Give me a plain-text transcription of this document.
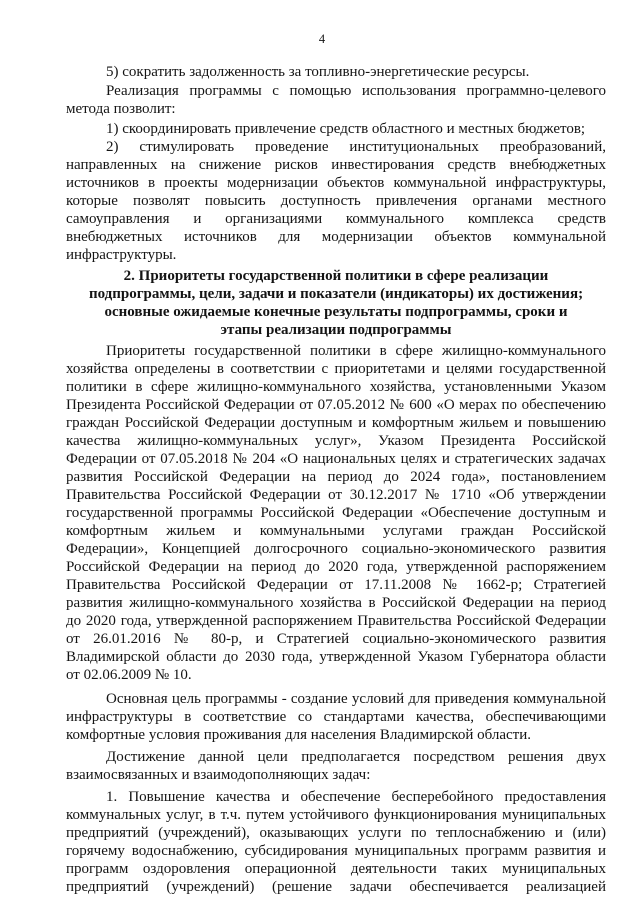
4
5) сократить задолженность за топливно-энергетические ресурсы.
Реализация программы с помощью использования программно-целевого
метода позволит:
1) скоординировать привлечение средств областного и местных бюджетов;
2) стимулировать проведение институциональных преобразований,
направленных на снижение рисков инвестирования средств внебюджетных
источников в проекты модернизации объектов коммунальной инфраструктуры,
которые позволят повысить доступность привлечения органами местного
самоуправления и организациями коммунального комплекса средств
внебюджетных источников для модернизации объектов коммунальной
инфраструктуры.
2. Приоритеты государственной политики в сфере реализации
подпрограммы, цели, задачи и показатели (индикаторы) их достижения;
основные ожидаемые конечные результаты подпрограммы, сроки и
этапы реализации подпрограммы
Приоритеты государственной политики в сфере жилищно-коммунального
хозяйства определены в соответствии с приоритетами и целями государственной
политики в сфере жилищно-коммунального хозяйства, установленными Указом
Президента Российской Федерации от 07.05.2012 № 600 «О мерах по обеспечению
граждан Российской Федерации доступным и комфортным жильем и повышению
качества жилищно-коммунальных услуг», Указом Президента Российской
Федерации от 07.05.2018 № 204 «О национальных целях и стратегических задачах
развития Российской Федерации на период до 2024 года», постановлением
Правительства Российской Федерации от 30.12.2017 № 1710 «Об утверждении
государственной программы Российской Федерации «Обеспечение доступным и
комфортным жильем и коммунальными услугами граждан Российской
Федерации», Концепцией долгосрочного социально-экономического развития
Российской Федерации на период до 2020 года, утвержденной распоряжением
Правительства Российской Федерации от 17.11.2008 № 1662-р; Стратегией
развития жилищно-коммунального хозяйства в Российской Федерации на период
до 2020 года, утвержденной распоряжением Правительства Российской Федерации
от 26.01.2016 № 80-р, и Стратегией социально-экономического развития
Владимирской области до 2030 года, утвержденной Указом Губернатора области
от 02.06.2009 № 10.
Основная цель программы - создание условий для приведения коммунальной
инфраструктуры в соответствие со стандартами качества, обеспечивающими
комфортные условия проживания для населения Владимирской области.
Достижение данной цели предполагается посредством решения двух
взаимосвязанных и взаимодополняющих задач:
1. Повышение качества и обеспечение бесперебойного предоставления
коммунальных услуг, в т.ч. путем устойчивого функционирования муниципальных
предприятий (учреждений), оказывающих услуги по теплоснабжению и (или)
горячему водоснабжению, субсидирования муниципальных программ развития и
программ оздоровления операционной деятельности таких муниципальных
предприятий (учреждений) (решение задачи обеспечивается реализацией
